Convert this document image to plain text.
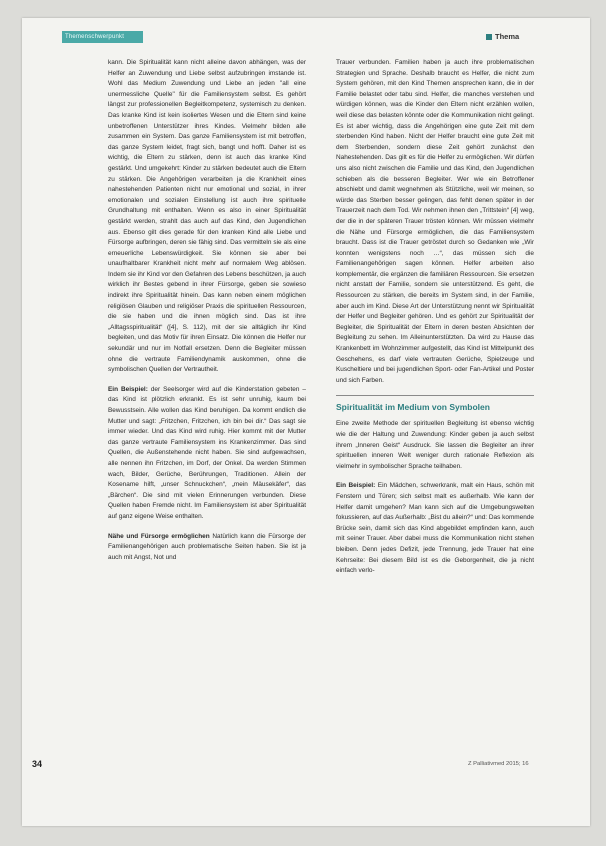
Themenschwerpunkt	Thema

kann. Die Spiritualität kann nicht alleine davon abhängen, was der Helfer an Zuwendung und Liebe selbst aufzubringen imstande ist. Wohl das Medium Zuwendung und Liebe an jeden "all eine unermessliche Quelle" für die Familiensystem selbst. Es gehört längst zur professionellen Begleitkompetenz, systemisch zu denken. Das kranke Kind ist kein isoliertes Wesen und die Eltern sind keine unbetroffenen Unterstützer ihres Kindes. Vielmehr bilden alle zusammen ein System. Das ganze Familiensystem ist mit betroffen, das ganze System leidet, fragt sich, bangt und hofft. Daher ist es wichtig, die Eltern zu stärken, denn ist auch das kranke Kind gestärkt. Und umgekehrt: Kinder zu stärken bedeutet auch die Eltern zu stärken. Die Angehörigen verarbeiten ja die Krankheit eines nahestehenden Patienten nicht nur emotional und sozial, in ihrer emotionalen und sozialen Einstellung ist auch ihre spirituelle Grundhaltung mit enthalten. Wenn es also in einer Spiritualität gestärkt werden, strahlt das auch auf das Kind, den Jugendlichen aus. Ebenso gilt dies gerade für den kranken Kind alle Liebe und Fürsorge aufbringen, deren sie fähig sind. Das vermitteln sie als eine erneuerliche Lebenswürdigkeit. Sie können sie aber bei unaufhaltbarer Krankheit nicht mehr auf normalem Weg ablösen. Indem sie ihr Kind vor den Gefahren des Lebens beschützen, ja auch wirklich ihr Bestes gebend in ihrer Fürsorge, geben sie sowieso indirekt ihre Spiritualität hinein. Das kann neben einem möglichen religiösen Glauben und religiöser Praxis die spirituellen Ressourcen, die sie haben und die ihnen möglich sind. Das ist ihre „Alltagsspiritualität“ ([4], S. 112), mit der sie alltäglich ihr Kind begleiten, und das Motiv für ihren Einsatz. Die können die Helfer nur sekundär und nur im Notfall ersetzen. Denn die Begleiter müssen ohne die vertraute Familiendynamik auskommen, ohne die symbolischen Quellen der Vertrautheit.

Ein Beispiel: der Seelsorger wird auf die Kinderstation gebeten – das Kind ist plötzlich erkrankt. Es ist sehr unruhig, kaum bei Bewusstsein. Alle wollen das Kind beruhigen. Da kommt endlich die Mutter und sagt: „Fritzchen, Fritzchen, ich bin bei dir.“ Das sagt sie immer wieder. Und das Kind wird ruhig. Hier kommt mit der Mutter das ganze vertraute Familiensystem ins Krankenzimmer. Das sind Quellen, die Außenstehende nicht haben. Sie sind aufgewachsen, alle nennen ihn Fritzchen, im Dorf, der Onkel. Da werden Stimmen wach, Bilder, Gerüche, Berührungen, Traditionen. Allein der Kosename hilft, „unser Schnuckchen“, „mein Mäusekäfer“, das „Bärchen“. Die sind mit vielen Erinnerungen verbunden. Diese Quellen haben Fremde nicht. Im Familiensystem ist aber Spiritualität auf ganz eigene Weise enthalten.

Nähe und Fürsorge ermöglichen Natürlich kann die Fürsorge der Familienangehörigen auch problematische Seiten haben. Sie ist ja auch mit Angst, Not und

Trauer verbunden. Familien haben ja auch ihre problematischen Strategien und Sprache. Deshalb braucht es Helfer, die nicht zum System gehören, mit den Kind Themen ansprechen kann, die in der Familie belastet oder tabu sind. Helfer, die manches verstehen und würdigen können, was die Kinder den Eltern nicht erzählen wollen, weil diese das belasten könnte oder die Kommunikation nicht gelingt. Es ist aber wichtig, dass die Angehörigen eine gute Zeit mit dem sterbenden Kind haben. Nicht der Helfer braucht eine gute Zeit mit dem Sterbenden, sondern diese Zeit gehört zunächst den Nahestehenden. Das gilt es für die Helfer zu ermöglichen. Wir dürfen uns also nicht zwischen die Familie und das Kind, den Jugendlichen schieben als die besseren Begleiter. Wer wie ein Betroffener abschiebt und damit wegnehmen als Stützliche, weil wir meinen, so würde das Sterben besser gelingen, das fehlt denen später in der Trauerzeit nach dem Tod. Wir nehmen ihnen den „Trittstein“ [4] weg, der die in der späteren Trauer trösten können. Wir müssen vielmehr die Nähe und Fürsorge ermöglichen, die das Familiensystem braucht. Dass ist die Trauer getröstet durch so Gedanken wie „Wir konnten wenigstens noch …“, das müssen sich die Familienangehörigen sagen können. Helfer arbeiten also komplementär, die ergänzen die familiären Ressourcen. Sie ersetzen nicht anstatt der Familie, sondern sie unterstützend. Es geht, die Ressourcen zu stärken, die bereits im System sind, in der Familie, aber auch im Kind. Diese Art der Unterstützung nennt wir Spiritualität der Helfer und Begleiter gehören. Und es gehört zur Spiritualität der Begleiter, die Spiritualität der Eltern in deren besten Absichten der Begleitung zu sehen. Im Alleinunterstützten. Da wird zu Hause das Krankenbett im Wohnzimmer aufgestellt, das Kind ist Mittelpunkt des Geschehens, es darf viele vertrauten Gerüche, Spielzeuge und Kuscheltiere und bei jugendlichen Sport- oder Fan-Artikel und Poster und sich Farben.

Spiritualität im Medium von Symbolen

Eine zweite Methode der spirituellen Begleitung ist ebenso wichtig wie die der Haltung und Zuwendung: Kinder geben ja auch selbst ihrem „Inneren Geist“ Ausdruck. Sie lassen die Begleiter an ihrer spirituellen inneren Welt weniger durch rationale Reflexion als vielmehr in symbolischer Sprache teilhaben.

Ein Beispiel: Ein Mädchen, schwerkrank, malt ein Haus, schön mit Fenstern und Türen; sich selbst malt es außerhalb. Wie kann der Helfer damit umgehen? Man kann sich auf die Umgebungswelten fokussieren, auf das Außerhalb: „Bist du allein?“ und: Das kommende Brücke sein, damit sich das Kind abgebildet empfinden kann, auch mit seiner Trauer. Aber dabei muss die Kommunikation nicht stehen bleiben. Denn jedes Defizit, jede Trennung, jede Trauer hat eine Kehrseite: Bei diesem Bild ist es die Geborgenheit, die ja nicht einfach verlo-

34	Z Palliativmed 2015; 16
